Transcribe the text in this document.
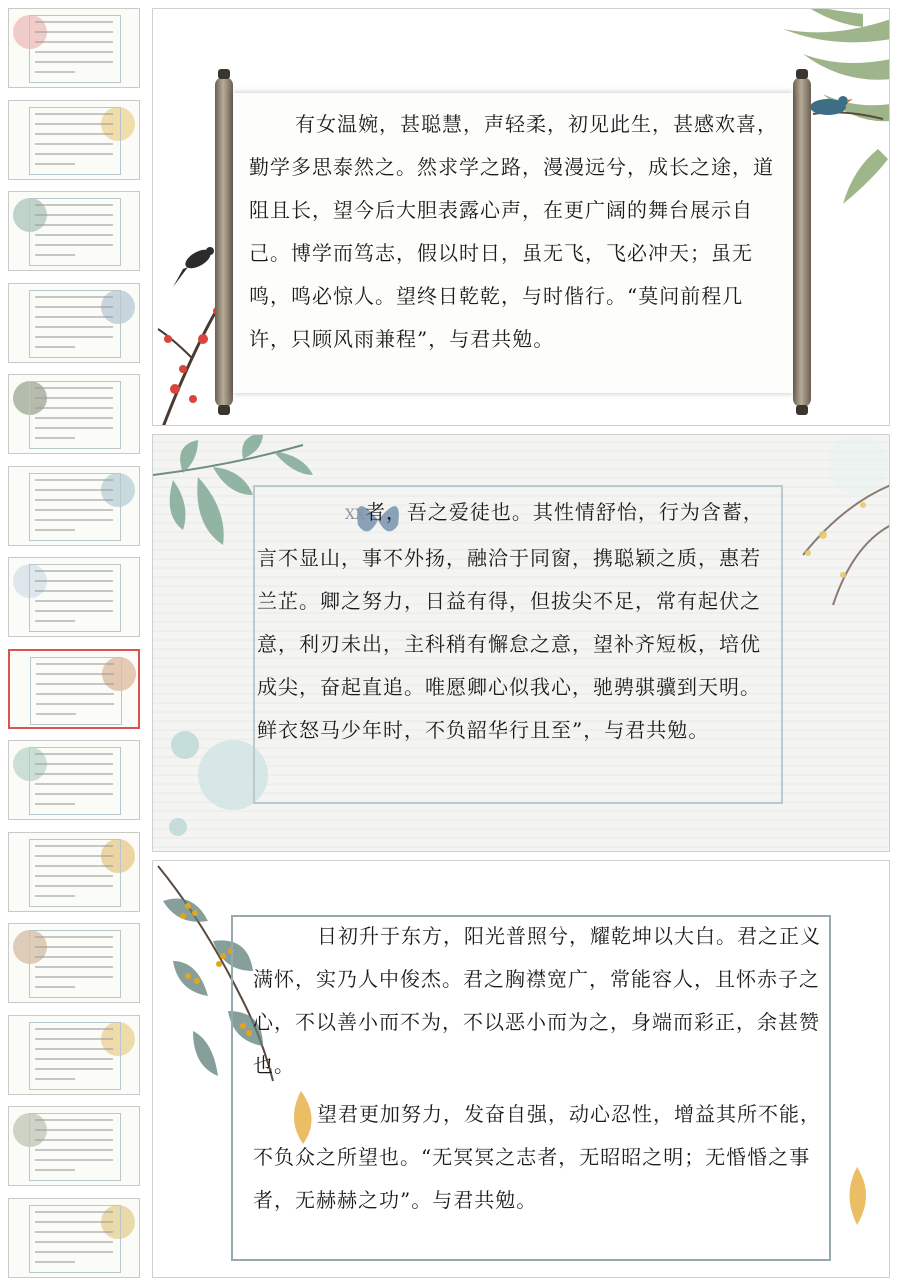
有女温婉，甚聪慧，声轻柔，初见此生，甚感欢喜，勤学多思泰然之。然求学之路，漫漫远兮，成长之途，道阻且长，望今后大胆表露心声，在更广阔的舞台展示自己。博学而笃志，假以时日，虽无飞，飞必冲天；虽无鸣，鸣必惊人。望终日乾乾，与时偕行。“莫问前程几许，只顾风雨兼程”，与君共勉。

XX者，吾之爱徒也。其性情舒怡，行为含蓄，言不显山，事不外扬，融洽于同窗，携聪颖之质，惠若兰芷。卿之努力，日益有得，但拔尖不足，常有起伏之意，利刃未出，主科稍有懈怠之意，望补齐短板，培优成尖，奋起直追。唯愿卿心似我心，驰骋骐骥到天明。鲜衣怒马少年时，不负韶华行且至”，与君共勉。

日初升于东方，阳光普照兮，耀乾坤以大白。君之正义满怀，实乃人中俊杰。君之胸襟宽广，常能容人，且怀赤子之心，不以善小而不为，不以恶小而为之，身端而彩正，余甚赞也。

望君更加努力，发奋自强，动心忍性，增益其所不能，不负众之所望也。“无冥冥之志者，无昭昭之明；无惛惛之事者，无赫赫之功”。与君共勉。
